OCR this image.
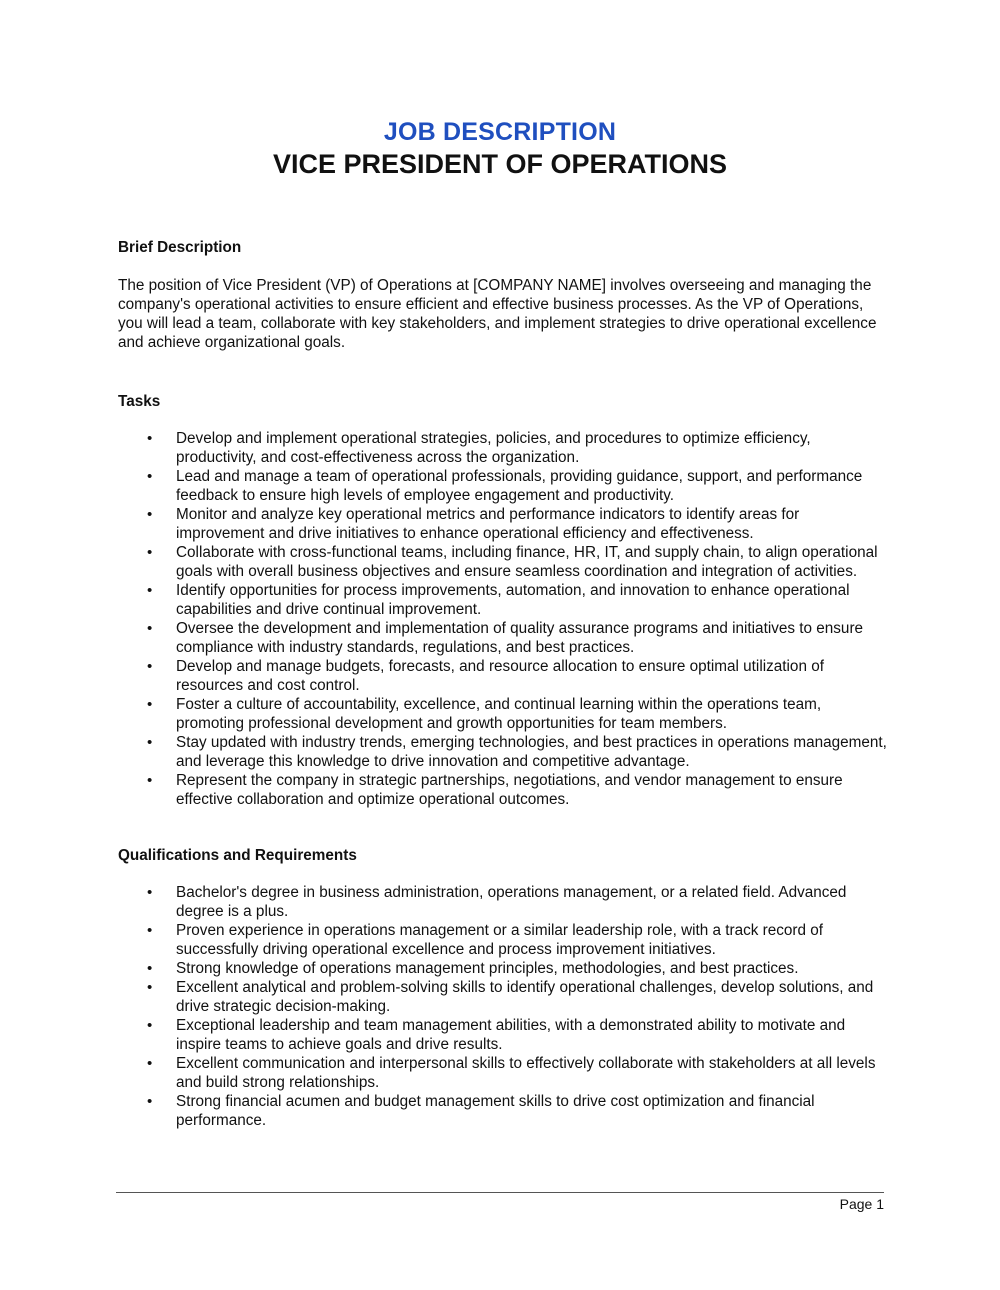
JOB DESCRIPTION
VICE PRESIDENT OF OPERATIONS
Brief Description

The position of Vice President (VP) of Operations at [COMPANY NAME] involves overseeing and managing the company's operational activities to ensure efficient and effective business processes. As the VP of Operations, you will lead a team, collaborate with key stakeholders, and implement strategies to drive operational excellence and achieve organizational goals.

Tasks
• Develop and implement operational strategies, policies, and procedures to optimize efficiency, productivity, and cost-effectiveness across the organization.
• Lead and manage a team of operational professionals, providing guidance, support, and performance feedback to ensure high levels of employee engagement and productivity.
• Monitor and analyze key operational metrics and performance indicators to identify areas for improvement and drive initiatives to enhance operational efficiency and effectiveness.
• Collaborate with cross-functional teams, including finance, HR, IT, and supply chain, to align operational goals with overall business objectives and ensure seamless coordination and integration of activities.
• Identify opportunities for process improvements, automation, and innovation to enhance operational capabilities and drive continual improvement.
• Oversee the development and implementation of quality assurance programs and initiatives to ensure compliance with industry standards, regulations, and best practices.
• Develop and manage budgets, forecasts, and resource allocation to ensure optimal utilization of resources and cost control.
• Foster a culture of accountability, excellence, and continual learning within the operations team, promoting professional development and growth opportunities for team members.
• Stay updated with industry trends, emerging technologies, and best practices in operations management, and leverage this knowledge to drive innovation and competitive advantage.
• Represent the company in strategic partnerships, negotiations, and vendor management to ensure effective collaboration and optimize operational outcomes.
Qualifications and Requirements
• Bachelor's degree in business administration, operations management, or a related field. Advanced degree is a plus.
• Proven experience in operations management or a similar leadership role, with a track record of successfully driving operational excellence and process improvement initiatives.
• Strong knowledge of operations management principles, methodologies, and best practices.
• Excellent analytical and problem-solving skills to identify operational challenges, develop solutions, and drive strategic decision-making.
• Exceptional leadership and team management abilities, with a demonstrated ability to motivate and inspire teams to achieve goals and drive results.
• Excellent communication and interpersonal skills to effectively collaborate with stakeholders at all levels and build strong relationships.
• Strong financial acumen and budget management skills to drive cost optimization and financial performance.
Page 1
